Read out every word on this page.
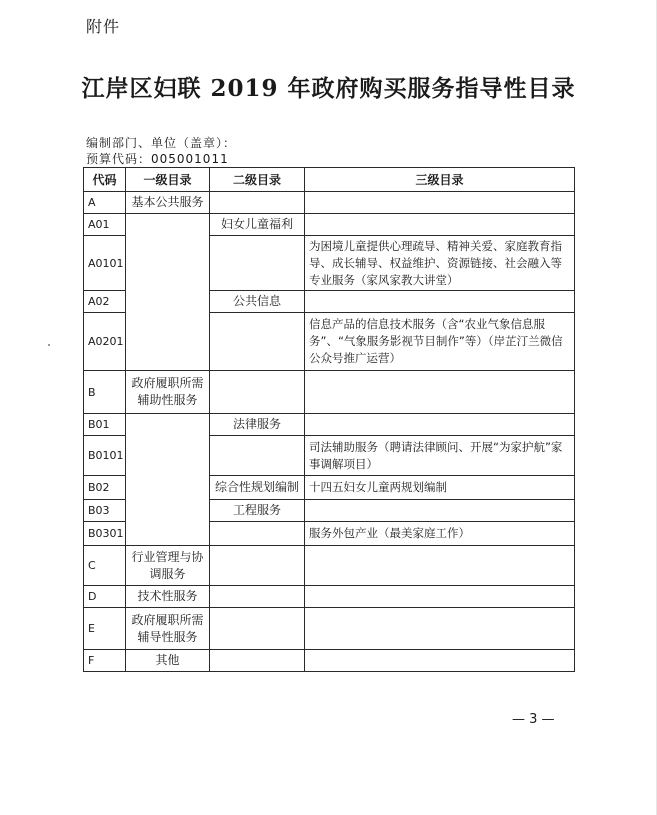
附件
江岸区妇联 2019 年政府购买服务指导性目录
编制部门、单位（盖章）：
预算代码：005001011
代码	一级目录	二级目录	三级目录
A	基本公共服务		
A01		妇女儿童福利	
A0101			为困境儿童提供心理疏导、精神关爱、家庭教育指导、成长辅导、权益维护、资源链接、社会融入等专业服务（家风家教大讲堂）
A02		公共信息	
A0201			信息产品的信息技术服务（含“农业气象信息服务”、“气象服务影视节目制作”等）（岸芷汀兰微信公众号推广运营）
B	政府履职所需辅助性服务		
B01		法律服务	
B0101			司法辅助服务（聘请法律顾问、开展“为家护航”家事调解项目）
B02		综合性规划编制	十四五妇女儿童两规划编制
B03		工程服务	
B0301			服务外包产业（最美家庭工作）
C	行业管理与协调服务		
D	技术性服务		
E	政府履职所需辅导性服务		
F	其他		
— 3 —
